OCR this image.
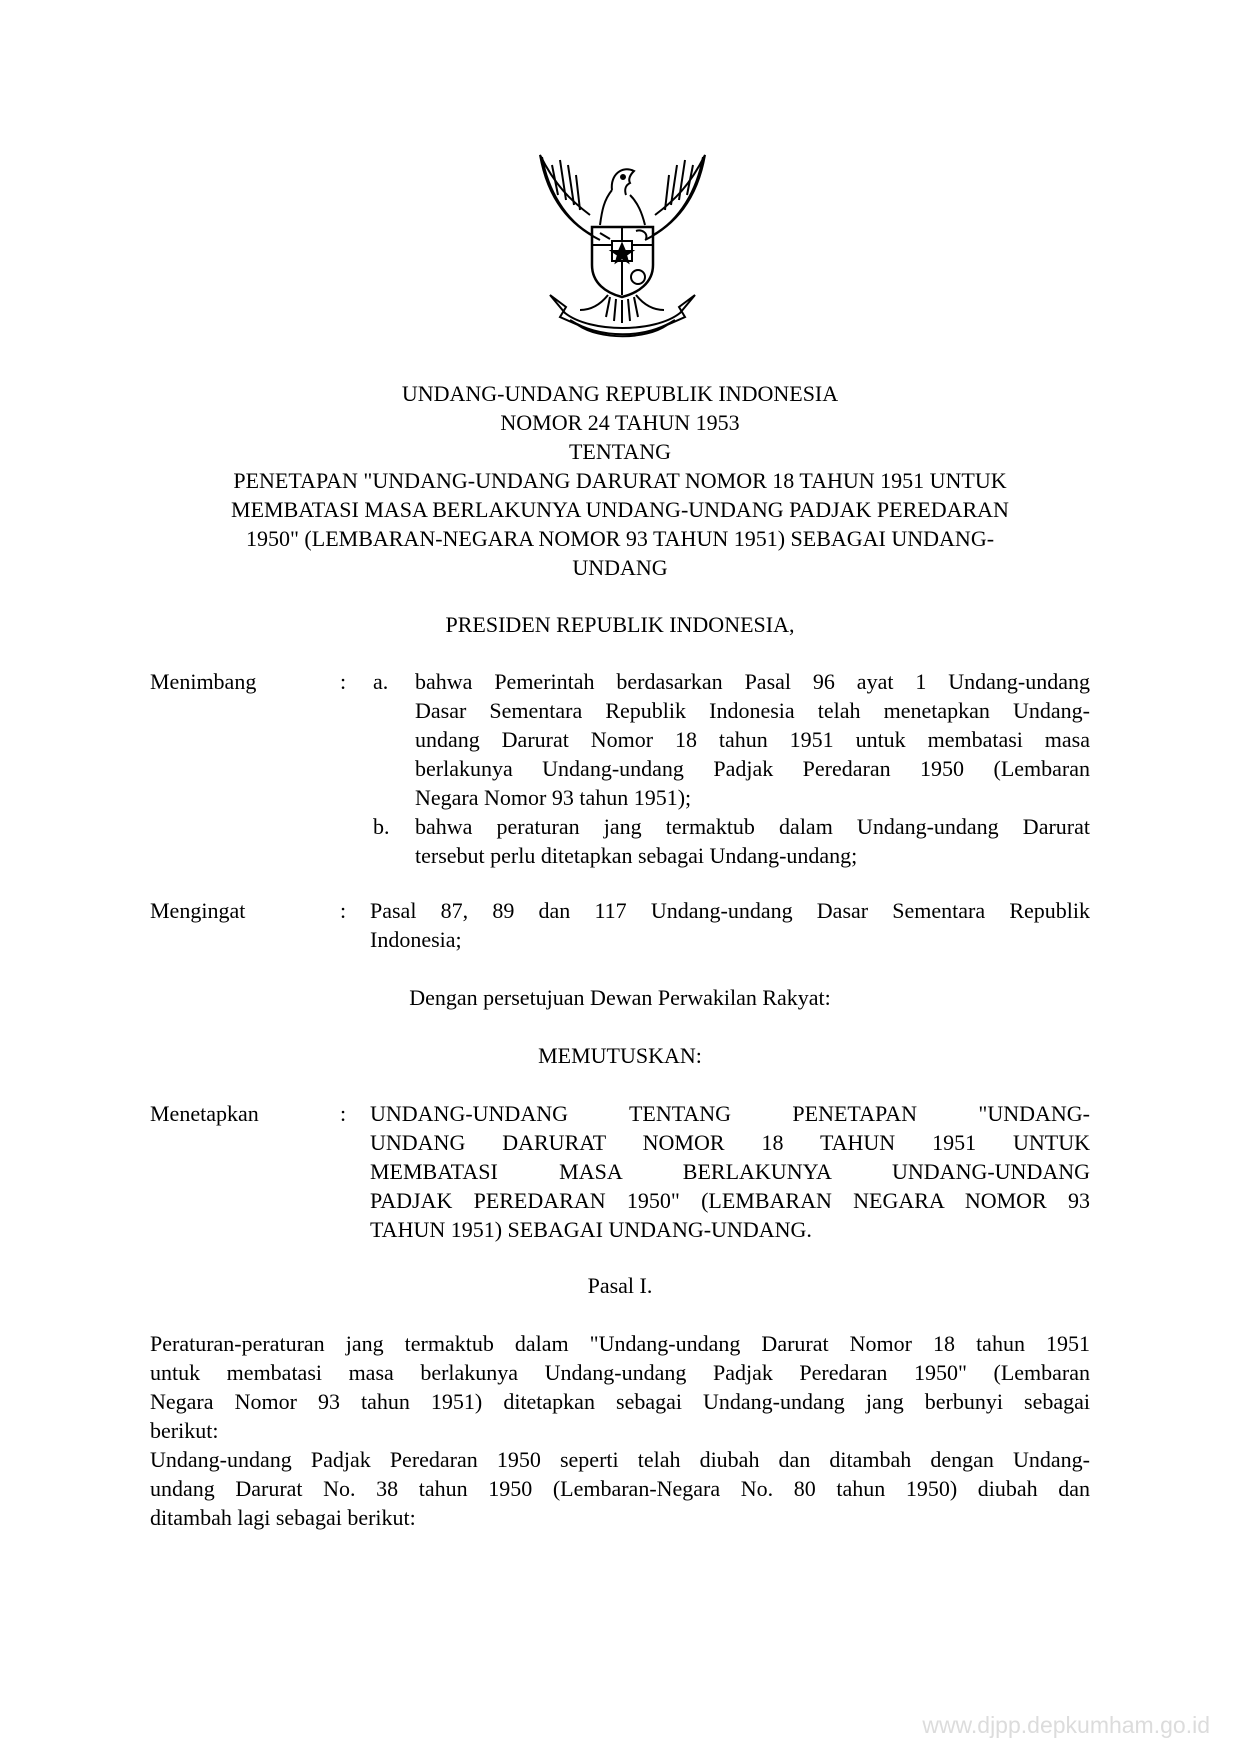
UNDANG-UNDANG REPUBLIK INDONESIA
NOMOR 24 TAHUN 1953
TENTANG
PENETAPAN "UNDANG-UNDANG DARURAT NOMOR 18 TAHUN 1951 UNTUK
MEMBATASI MASA BERLAKUNYA UNDANG-UNDANG PADJAK PEREDARAN
1950" (LEMBARAN-NEGARA NOMOR 93 TAHUN 1951) SEBAGAI UNDANG-
UNDANG
PRESIDEN REPUBLIK INDONESIA,
Menimbang	: a. bahwa Pemerintah berdasarkan Pasal 96 ayat 1 Undang-undang
Dasar Sementara Republik Indonesia telah menetapkan Undang-
undang Darurat Nomor 18 tahun 1951 untuk membatasi masa
berlakunya Undang-undang Padjak Peredaran 1950 (Lembaran
Negara Nomor 93 tahun 1951);
b. bahwa peraturan jang termaktub dalam Undang-undang Darurat
tersebut perlu ditetapkan sebagai Undang-undang;
Mengingat	: Pasal 87, 89 dan 117 Undang-undang Dasar Sementara Republik
Indonesia;
Dengan persetujuan Dewan Perwakilan Rakyat:
MEMUTUSKAN:
Menetapkan	: UNDANG-UNDANG TENTANG PENETAPAN "UNDANG-
UNDANG DARURAT NOMOR 18 TAHUN 1951 UNTUK
MEMBATASI MASA BERLAKUNYA UNDANG-UNDANG
PADJAK PEREDARAN 1950" (LEMBARAN NEGARA NOMOR 93
TAHUN 1951) SEBAGAI UNDANG-UNDANG.
Pasal I.
Peraturan-peraturan jang termaktub dalam "Undang-undang Darurat Nomor 18 tahun 1951
untuk membatasi masa berlakunya Undang-undang Padjak Peredaran 1950" (Lembaran
Negara Nomor 93 tahun 1951) ditetapkan sebagai Undang-undang jang berbunyi sebagai
berikut:
Undang-undang Padjak Peredaran 1950 seperti telah diubah dan ditambah dengan Undang-
undang Darurat No. 38 tahun 1950 (Lembaran-Negara No. 80 tahun 1950) diubah dan
ditambah lagi sebagai berikut:
www.djpp.depkumham.go.id
